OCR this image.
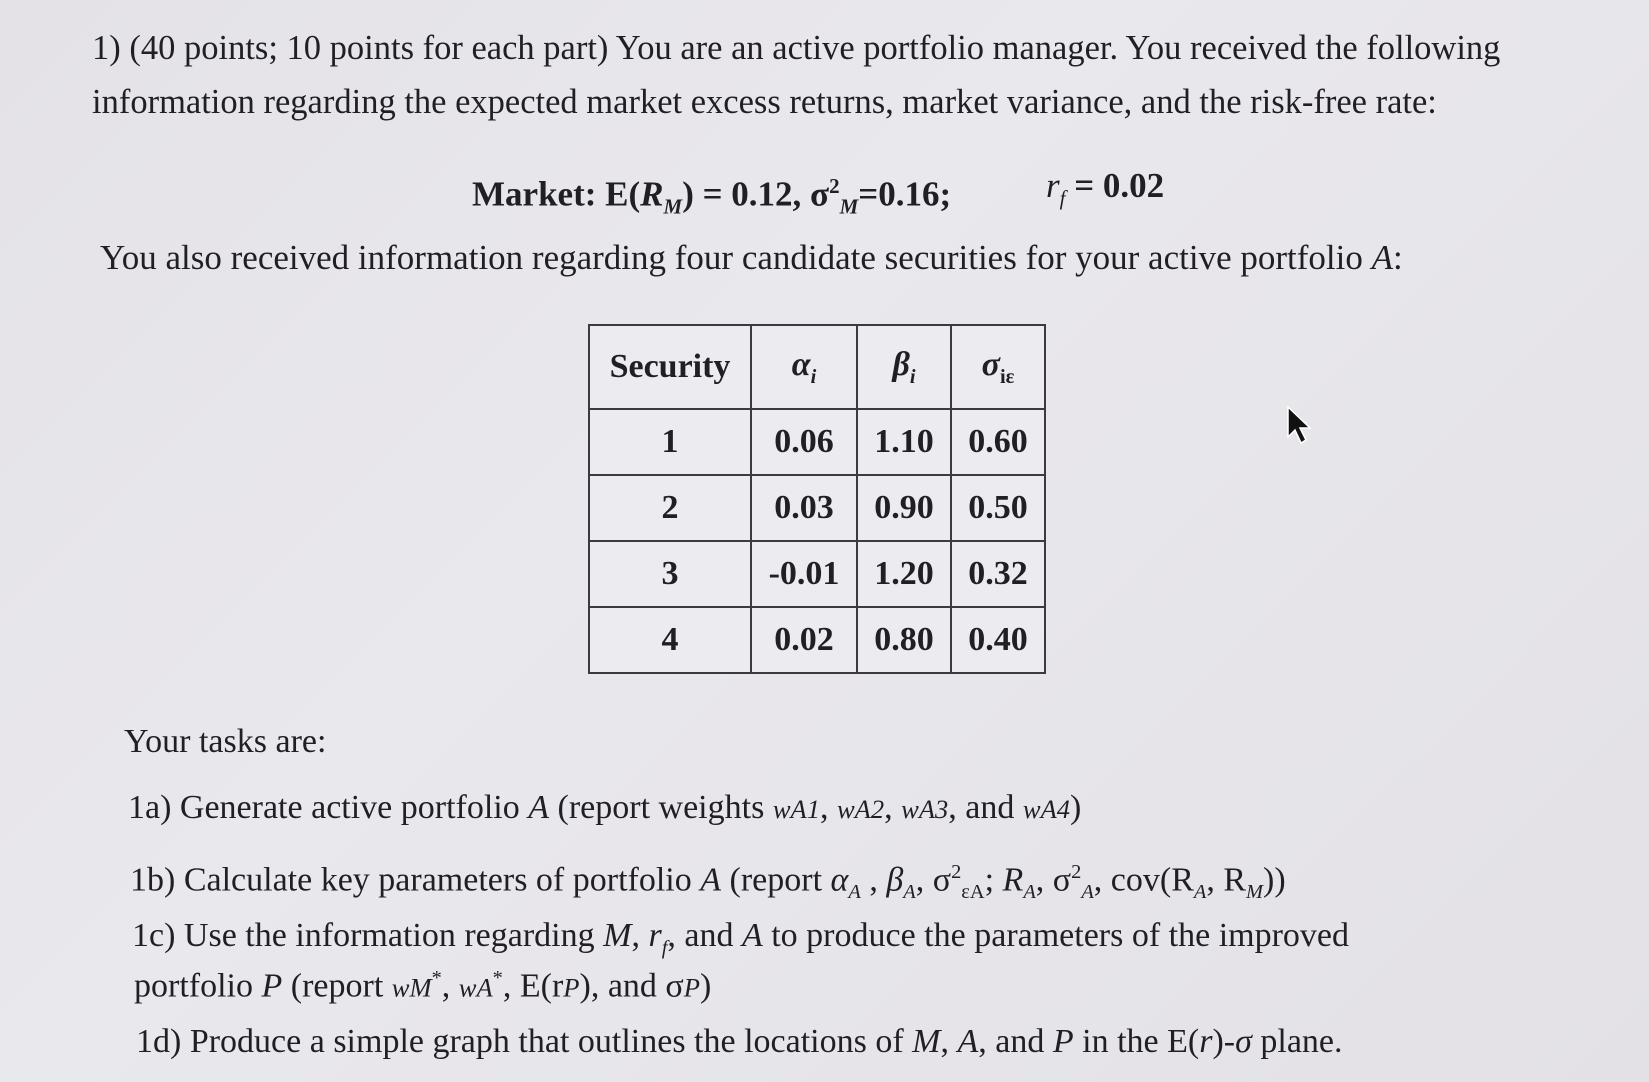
1) (40 points; 10 points for each part) You are an active portfolio manager. You received the following
information regarding the expected market excess returns, market variance, and the risk-free rate:
Market: $E(R_M) = 0.12$, $\sigma^2_M=0.16$;	$r_f = 0.02$
You also received information regarding four candidate securities for your active portfolio A:
Security	$\alpha_i$	$\beta_i$	$\sigma_{i\varepsilon}$
1	0.06	1.10	0.60
2	0.03	0.90	0.50
3	-0.01	1.20	0.32
4	0.02	0.80	0.40
Your tasks are:
1a) Generate active portfolio A (report weights wA1, wA2, wA3, and wA4)
1b) Calculate key parameters of portfolio A (report $\alpha_A$ , $\beta_A$, $\sigma^2_{\varepsilon A}$; $R_A$, $\sigma^2_A$, $cov(R_A$, $R_M$))
1c) Use the information regarding M, $r_f$, and A to produce the parameters of the improved
portfolio P (report wM*, wA*, E(rP), and σP)
1d) Produce a simple graph that outlines the locations of M, A, and P in the E(r)-σ plane.
